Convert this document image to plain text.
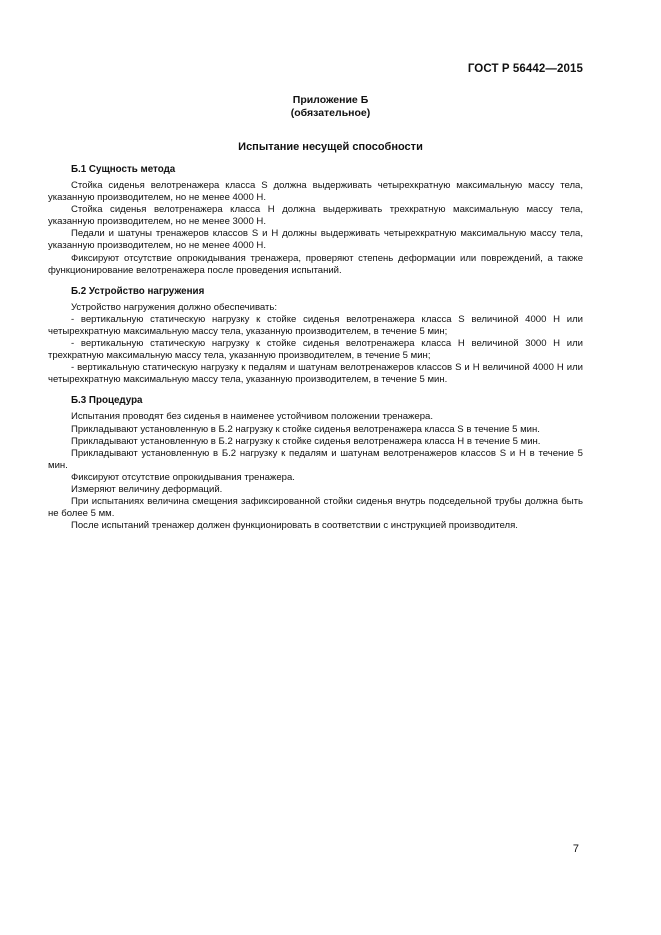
ГОСТ Р 56442—2015
Приложение Б
(обязательное)
Испытание несущей способности
Б.1 Сущность метода

Стойка сиденья велотренажера класса S должна выдерживать четырехкратную максимальную массу тела, указанную производителем, но не менее 4000 Н.

Стойка сиденья велотренажера класса H должна выдерживать трехкратную максимальную массу тела, указанную производителем, но не менее 3000 Н.

Педали и шатуны тренажеров классов S и H должны выдерживать четырехкратную максимальную массу тела, указанную производителем, но не менее 4000 Н.

Фиксируют отсутствие опрокидывания тренажера, проверяют степень деформации или повреждений, а также функционирование велотренажера после проведения испытаний.

Б.2 Устройство нагружения

Устройство нагружения должно обеспечивать:

- вертикальную статическую нагрузку к стойке сиденья велотренажера класса S величиной 4000 Н или четырехкратную максимальную массу тела, указанную производителем, в течение 5 мин;

- вертикальную статическую нагрузку к стойке сиденья велотренажера класса H величиной 3000 Н или трехкратную максимальную массу тела, указанную производителем, в течение 5 мин;

- вертикальную статическую нагрузку к педалям и шатунам велотренажеров классов S и H величиной 4000 Н или четырехкратную максимальную массу тела, указанную производителем, в течение 5 мин.

Б.3 Процедура

Испытания проводят без сиденья в наименее устойчивом положении тренажера.

Прикладывают установленную в Б.2 нагрузку к стойке сиденья велотренажера класса S в течение 5 мин.

Прикладывают установленную в Б.2 нагрузку к стойке сиденья велотренажера класса H в течение 5 мин.

Прикладывают установленную в Б.2 нагрузку к педалям и шатунам велотренажеров классов S и H в течение 5 мин.

Фиксируют отсутствие опрокидывания тренажера.

Измеряют величину деформаций.

При испытаниях величина смещения зафиксированной стойки сиденья внутрь подседельной трубы должна быть не более 5 мм.

После испытаний тренажер должен функционировать в соответствии с инструкцией производителя.

7
